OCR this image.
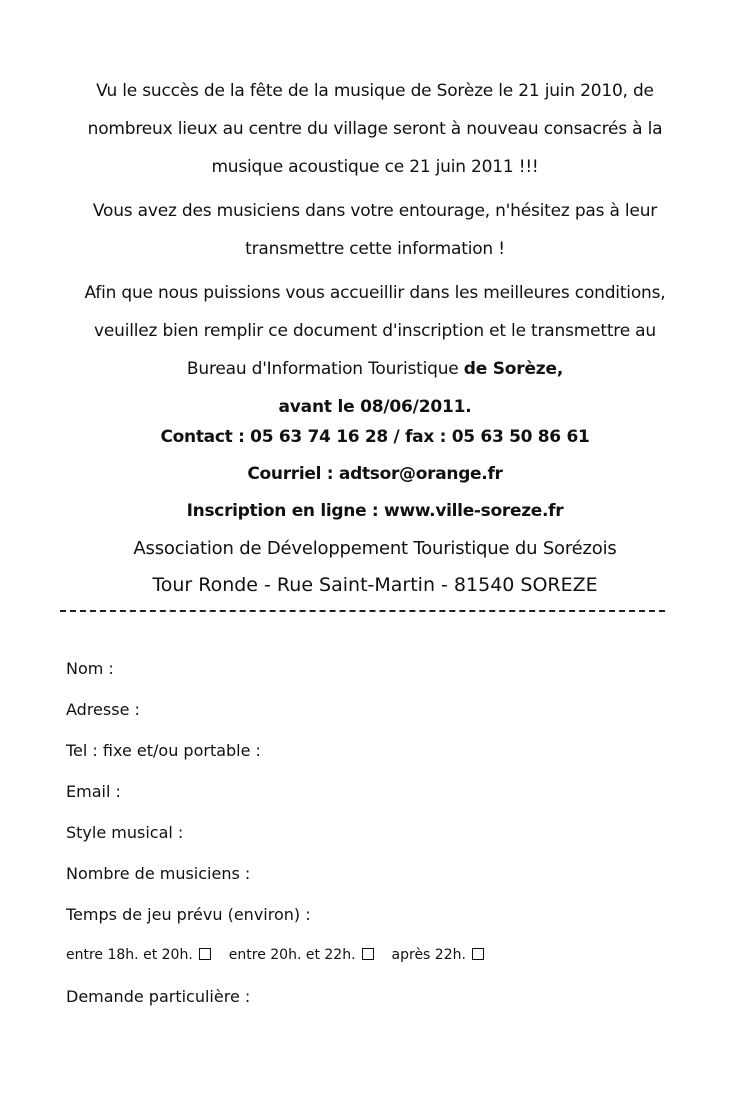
Vu le succès de la fête de la musique de Sorèze le 21 juin 2010, de

nombreux lieux au centre du village seront à nouveau consacrés à la

musique acoustique ce 21 juin 2011 !!!

Vous avez des musiciens dans votre entourage, n'hésitez pas à leur

transmettre cette information !

Afin que nous puissions vous accueillir dans les meilleures conditions,

veuillez bien remplir ce document d'inscription et le transmettre au

Bureau d'Information Touristique de Sorèze,

avant le 08/06/2011.

Contact : 05 63 74 16 28 / fax : 05 63 50 86 61
Courriel : adtsor@orange.fr
Inscription en ligne : www.ville-soreze.fr
Association de Développement Touristique du Sorézois
Tour Ronde - Rue Saint-Martin - 81540 SOREZE
Nom :
Adresse :
Tel : fixe et/ou portable :
Email :
Style musical :
Nombre de musiciens :
Temps de jeu prévu (environ) :
entre 18h. et 20h.	entre 20h. et 22h.	après 22h.
Demande particulière :
